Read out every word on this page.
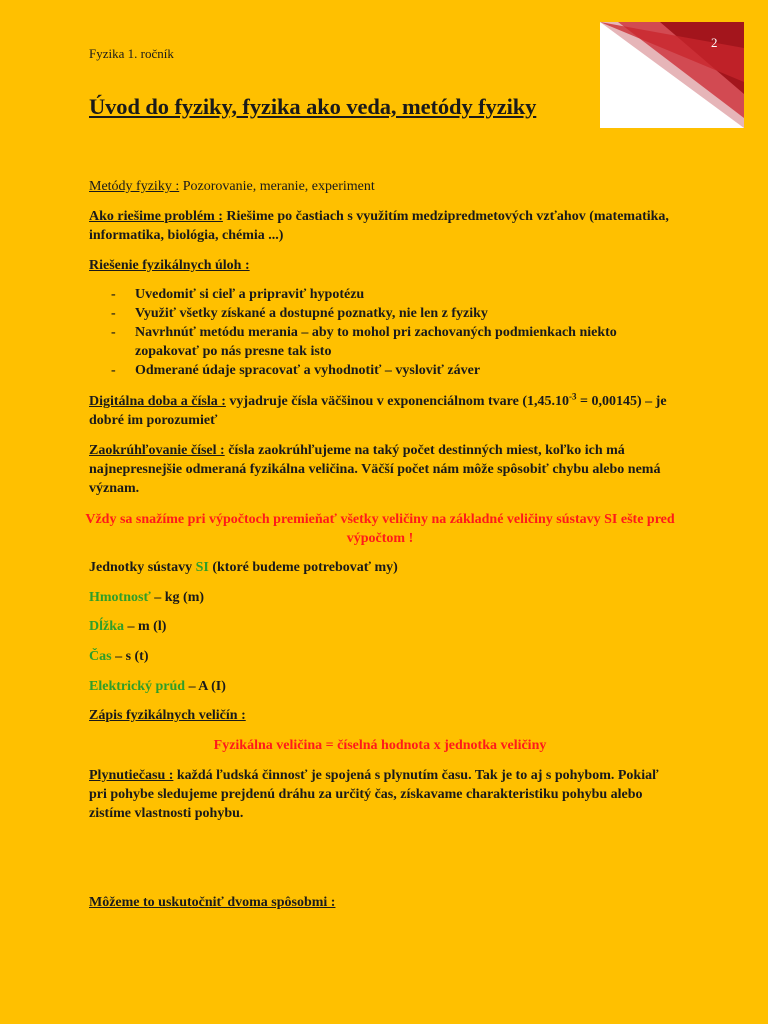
2
Fyzika 1. ročník
Úvod do fyziky, fyzika ako veda, metódy fyziky
Metódy fyziky : Pozorovanie, meranie, experiment
Ako riešime problém : Riešime po častiach s využitím medzipredmetových vzťahov (matematika, informatika, biológia, chémia ...)
Riešenie fyzikálnych úloh :
- Uvedomiť si cieľ a pripraviť hypotézu
- Využiť všetky získané a dostupné poznatky, nie len z fyziky
- Navrhnúť metódu merania – aby to mohol pri zachovaných podmienkach niekto zopakovať po nás presne tak isto
- Odmerané údaje spracovať a vyhodnotiť – vysloviť záver
Digitálna doba a čísla : vyjadruje čísla väčšinou v exponenciálnom tvare $(1,45.10^{-3} = 0,00145)$ – je dobré im porozumieť
Zaokrúhľovanie čísel : čísla zaokrúhľujeme na taký počet destinných miest, koľko ich má najnepresnejšie odmeraná fyzikálna veličina. Väčší počet nám môže spôsobiť chybu alebo nemá význam.
Vždy sa snažíme pri výpočtoch premieňať všetky veličiny na základné veličiny sústavy SI ešte pred výpočtom !
Jednotky sústavy SI (ktoré budeme potrebovať my)
Hmotnosť – kg (m)
Dĺžka – m (l)
Čas – s (t)
Elektrický prúd – A (I)
Zápis fyzikálnych veličín :
Fyzikálna veličina = číselná hodnota x jednotka veličiny
Plynutiečasu : každá ľudská činnosť je spojená s plynutím času. Tak je to aj s pohybom. Pokiaľ pri pohybe sledujeme prejdenú dráhu za určitý čas, získavame charakteristiku pohybu alebo zistíme vlastnosti pohybu.
Môžeme to uskutočniť dvoma spôsobmi :
